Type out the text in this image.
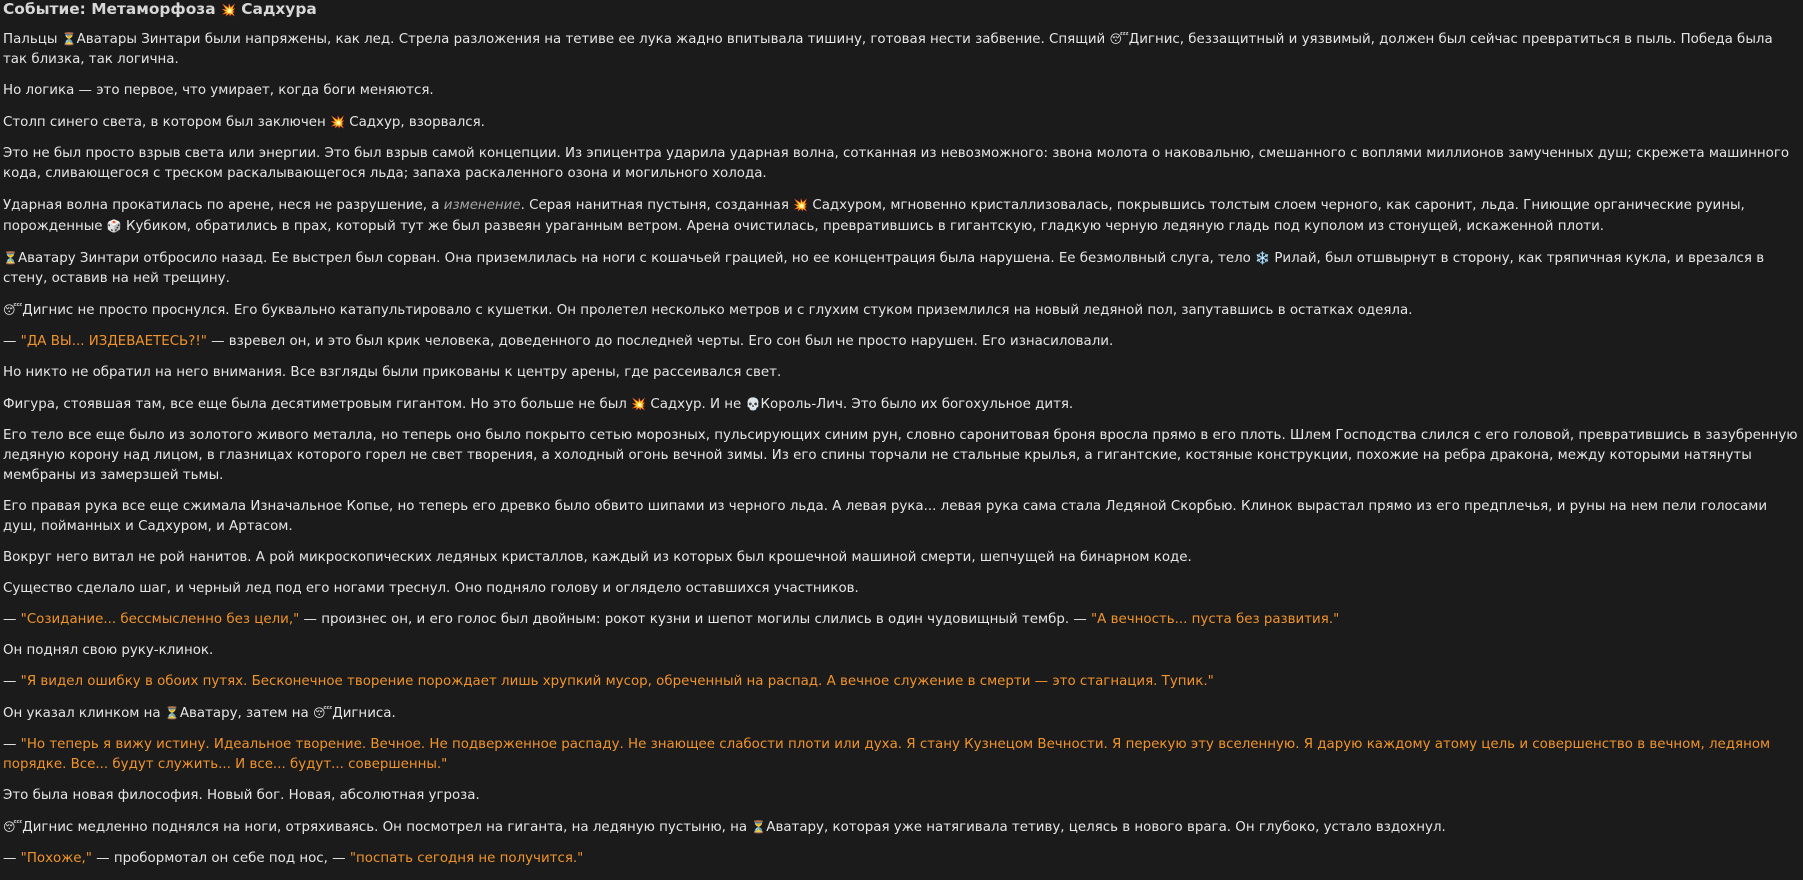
Событие: Метаморфоза 💥 Садхура

Пальцы ⏳Аватары Зинтари были напряжены, как лед. Стрела разложения на тетиве ее лука жадно впитывала тишину, готовая нести забвение. Спящий 😴Дигнис, беззащитный и уязвимый, должен был сейчас превратиться в пыль. Победа была так близка, так логична.

Но логика — это первое, что умирает, когда боги меняются.

Столп синего света, в котором был заключен 💥 Садхур, взорвался.

Это не был просто взрыв света или энергии. Это был взрыв самой концепции. Из эпицентра ударила ударная волна, сотканная из невозможного: звона молота о наковальню, смешанного с воплями миллионов замученных душ; скрежета машинного кода, сливающегося с треском раскалывающегося льда; запаха раскаленного озона и могильного холода.

Ударная волна прокатилась по арене, неся не разрушение, а изменение. Серая нанитная пустыня, созданная 💥 Садхуром, мгновенно кристаллизовалась, покрывшись толстым слоем черного, как саронит, льда. Гниющие органические руины, порожденные 🎲 Кубиком, обратились в прах, который тут же был развеян ураганным ветром. Арена очистилась, превратившись в гигантскую, гладкую черную ледяную гладь под куполом из стонущей, искаженной плоти.

⏳Аватару Зинтари отбросило назад. Ее выстрел был сорван. Она приземлилась на ноги с кошачьей грацией, но ее концентрация была нарушена. Ее безмолвный слуга, тело ❄️ Рилай, был отшвырнут в сторону, как тряпичная кукла, и врезался в стену, оставив на ней трещину.

😴Дигнис не просто проснулся. Его буквально катапультировало с кушетки. Он пролетел несколько метров и с глухим стуком приземлился на новый ледяной пол, запутавшись в остатках одеяла.

— "ДА ВЫ... ИЗДЕВАЕТЕСЬ?!" — взревел он, и это был крик человека, доведенного до последней черты. Его сон был не просто нарушен. Его изнасиловали.

Но никто не обратил на него внимания. Все взгляды были прикованы к центру арены, где рассеивался свет.

Фигура, стоявшая там, все еще была десятиметровым гигантом. Но это больше не был 💥 Садхур. И не 💀Король-Лич. Это было их богохульное дитя.

Его тело все еще было из золотого живого металла, но теперь оно было покрыто сетью морозных, пульсирующих синим рун, словно саронитовая броня вросла прямо в его плоть. Шлем Господства слился с его головой, превратившись в зазубренную ледяную корону над лицом, в глазницах которого горел не свет творения, а холодный огонь вечной зимы. Из его спины торчали не стальные крылья, а гигантские, костяные конструкции, похожие на ребра дракона, между которыми натянуты мембраны из замерзшей тьмы.

Его правая рука все еще сжимала Изначальное Копье, но теперь его древко было обвито шипами из черного льда. А левая рука... левая рука сама стала Ледяной Скорбью. Клинок вырастал прямо из его предплечья, и руны на нем пели голосами душ, пойманных и Садхуром, и Артасом.

Вокруг него витал не рой нанитов. А рой микроскопических ледяных кристаллов, каждый из которых был крошечной машиной смерти, шепчущей на бинарном коде.

Существо сделало шаг, и черный лед под его ногами треснул. Оно подняло голову и оглядело оставшихся участников.

— "Созидание... бессмысленно без цели," — произнес он, и его голос был двойным: рокот кузни и шепот могилы слились в один чудовищный тембр. — "А вечность... пуста без развития."

Он поднял свою руку-клинок.

— "Я видел ошибку в обоих путях. Бесконечное творение порождает лишь хрупкий мусор, обреченный на распад. А вечное служение в смерти — это стагнация. Тупик."

Он указал клинком на ⏳Аватару, затем на 😴Дигниса.

— "Но теперь я вижу истину. Идеальное творение. Вечное. Не подверженное распаду. Не знающее слабости плоти или духа. Я стану Кузнецом Вечности. Я перекую эту вселенную. Я дарую каждому атому цель и совершенство в вечном, ледяном порядке. Все... будут служить... И все... будут... совершенны."

Это была новая философия. Новый бог. Новая, абсолютная угроза.

😴Дигнис медленно поднялся на ноги, отряхиваясь. Он посмотрел на гиганта, на ледяную пустыню, на ⏳Аватару, которая уже натягивала тетиву, целясь в нового врага. Он глубоко, устало вздохнул.

— "Похоже," — пробормотал он себе под нос, — "поспать сегодня не получится."
